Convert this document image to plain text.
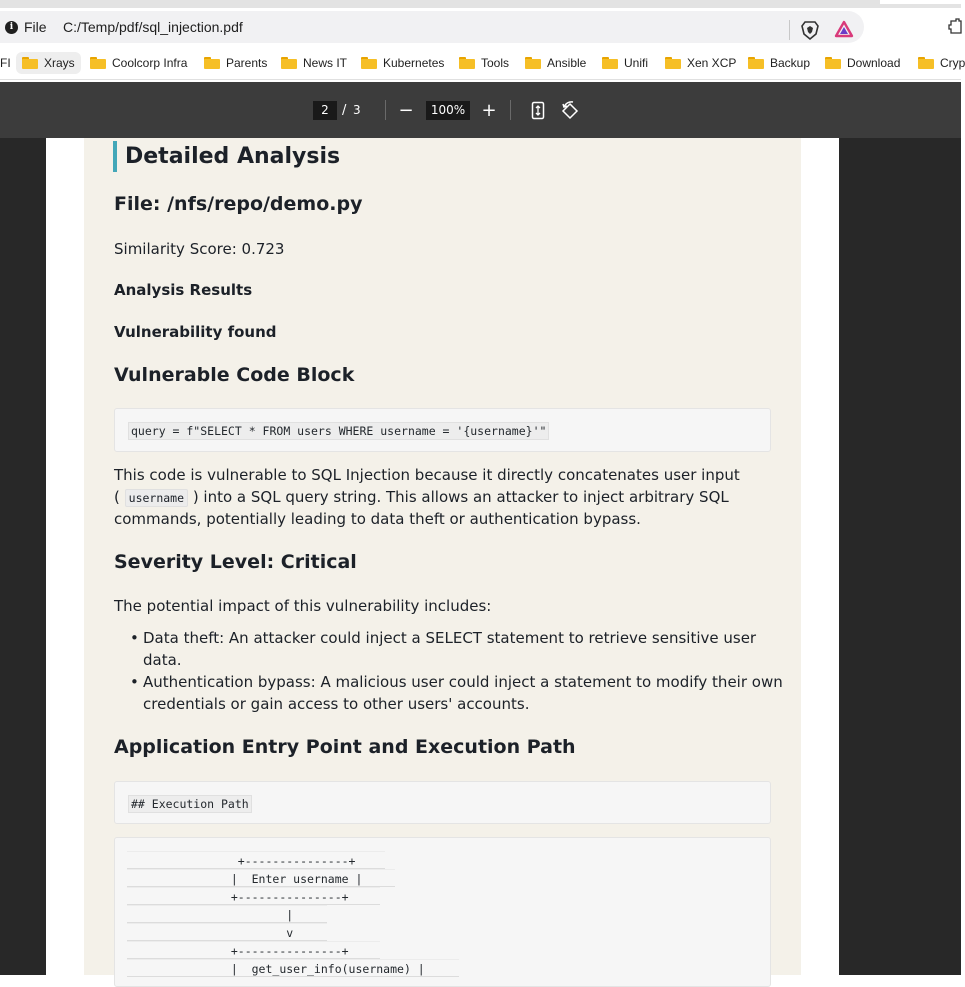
i File C:/Temp/pdf/sql_injection.pdf
FI	Xrays	Coolcorp Infra	Parents	News IT	Kubernetes	Tools	Ansible	Unifi	Xen XCP	Backup	Download	Cryp
2	/ 3 −	100% +
Detailed Analysis
File: /nfs/repo/demo.py
Similarity Score: 0.723
Analysis Results
Vulnerability found
Vulnerable Code Block
query = f"SELECT * FROM users WHERE username = '{username}'"
This code is vulnerable to SQL Injection because it directly concatenates user input
( username ) into a SQL query string. This allows an attacker to inject arbitrary SQL
commands, potentially leading to data theft or authentication bypass.
Severity Level: Critical
The potential impact of this vulnerability includes:
• Data theft: An attacker could inject a SELECT statement to retrieve sensitive user
data.
• Authentication bypass: A malicious user could inject a statement to modify their own
credentials or gain access to other users' accounts.
Application Entry Point and Execution Path
## Execution Path
+---------------+
|  Enter username |
+---------------+
|
v
+---------------+
|  get_user_info(username) |
